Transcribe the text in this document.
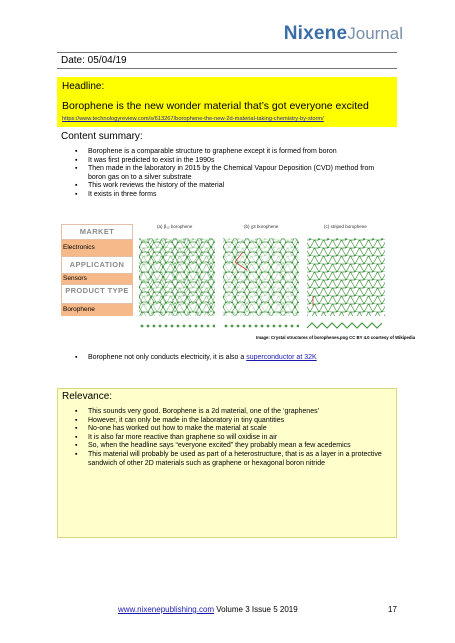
NixeneJournal
Date: 05/04/19
Headline:
Borophene is the new wonder material that’s got everyone excited
https://www.technologyreview.com/s/613267/borophene-the-new-2d-material-taking-chemistry-by-storm/
Content summary:
▪ Borophene is a comparable structure to graphene except it is formed from boron
▪ It was first predicted to exist in the 1990s
▪ Then made in the laboratory in 2015 by the Chemical Vapour Deposition (CVD) method from boron gas on to a silver substrate
▪ This work reviews the history of the material
▪ It exists in three forms
MARKET
Electronics
APPLICATION
Sensors
PRODUCT TYPE
Borophene
(a) β₁₂ borophene	(b) χ3 borophene	(c) striped borophene
Image: Crystal structures of borophenes.png CC BY 4.0 courtesy of Wikipedia
▪ Borophene not only conducts electricity, it is also a superconductor at 32K
Relevance:
▪ This sounds very good. Borophene is a 2d material, one of the ‘graphenes’
▪ However, it can only be made in the laboratory in tiny quantities
▪ No-one has worked out how to make the material at scale
▪ It is also far more reactive than graphene so will oxidise in air
▪ So, when the headline says “everyone excited” they probably mean a few acedemics
▪ This material will probably be used as part of a heterostructure, that is as a layer in a protective sandwich of other 2D materials such as graphene or hexagonal boron nitride
www.nixenepublishing.com Volume 3 Issue 5 2019	17
